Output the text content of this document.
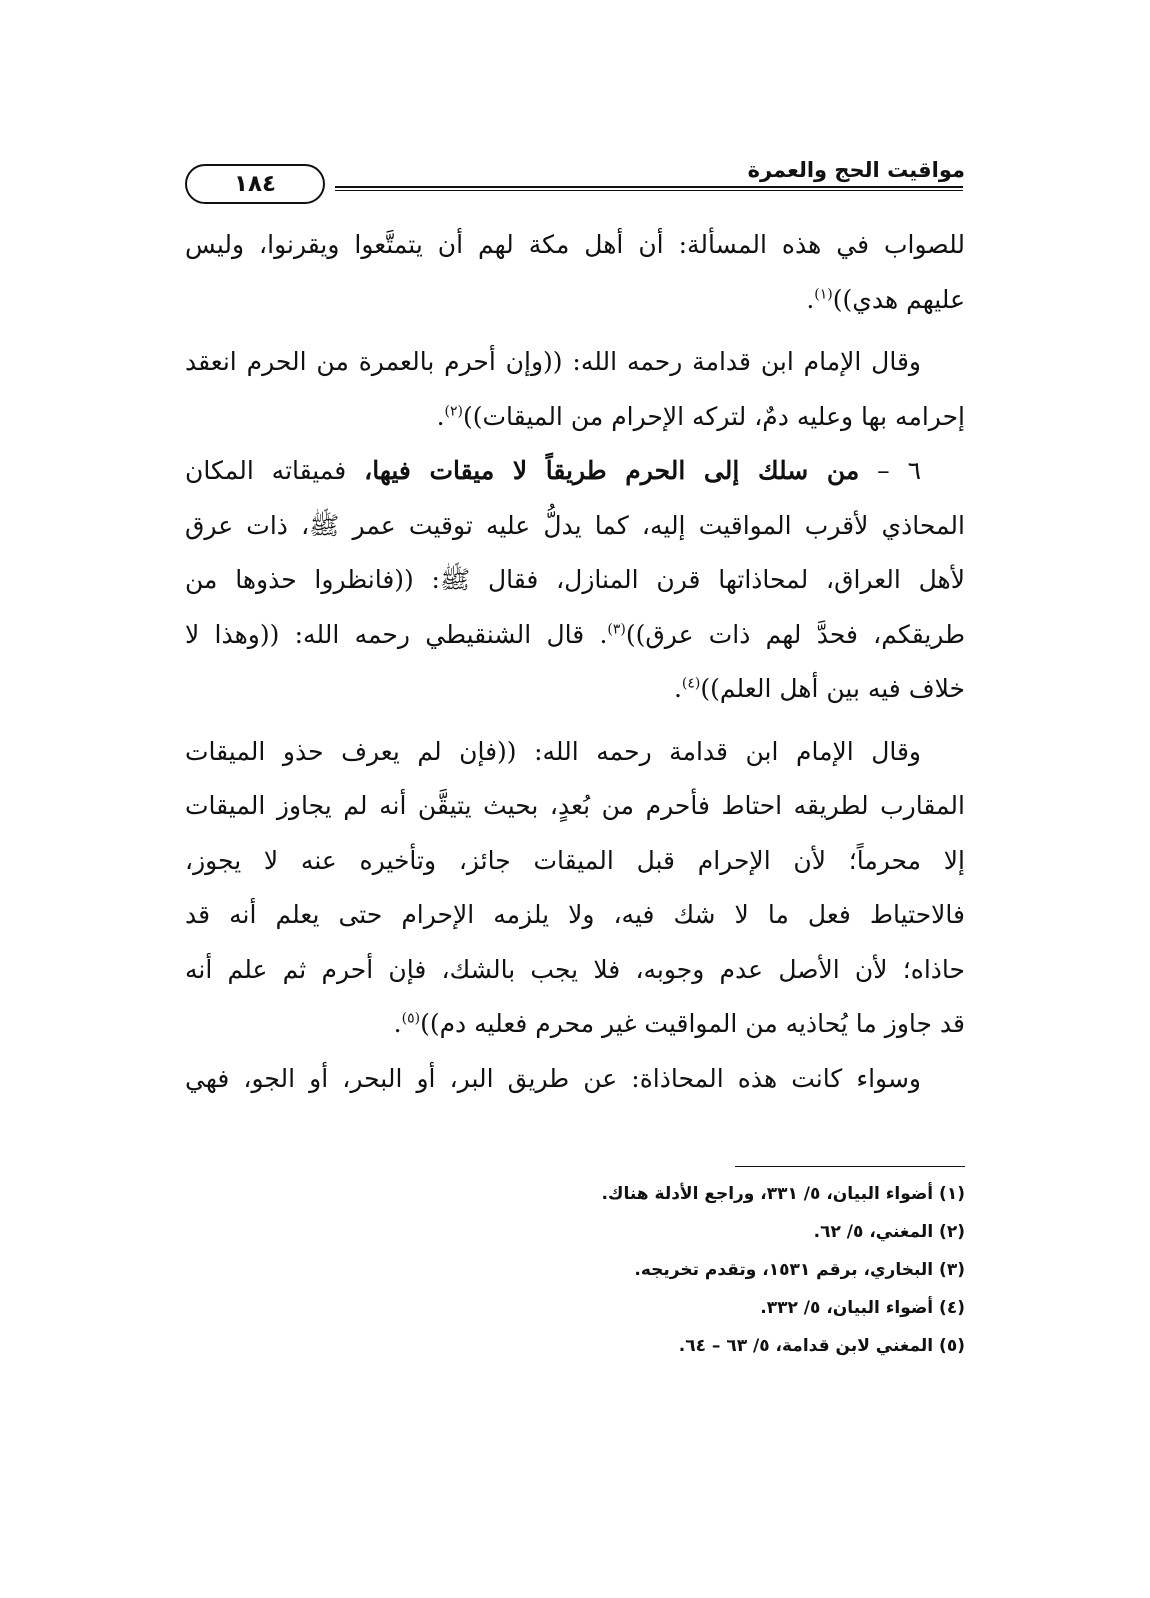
١٨٤
مواقيت الحج والعمرة
للصواب في هذه المسألة: أن أهل مكة لهم أن يتمتَّعوا ويقرنوا، وليس
عليهم هدي))$^{(١)}$.
وقال الإمام ابن قدامة رحمه الله: ((وإن أحرم بالعمرة من الحرم انعقد
إحرامه بها وعليه دمٌ، لتركه الإحرام من الميقات))$^{(٢)}$.
٦ – من سلك إلى الحرم طريقاً لا ميقات فيها، فميقاته المكان
المحاذي لأقرب المواقيت إليه، كما يدلُّ عليه توقيت عمر ﷺ، ذات عرق
لأهل العراق، لمحاذاتها قرن المنازل، فقال ﷺ: ((فانظروا حذوها من
طريقكم، فحدَّ لهم ذات عرق))$^{(٣)}$. قال الشنقيطي رحمه الله: ((وهذا لا
خلاف فيه بين أهل العلم))$^{(٤)}$.
وقال الإمام ابن قدامة رحمه الله: ((فإن لم يعرف حذو الميقات
المقارب لطريقه احتاط فأحرم من بُعدٍ، بحيث يتيقَّن أنه لم يجاوز الميقات
إلا محرماً؛ لأن الإحرام قبل الميقات جائز، وتأخيره عنه لا يجوز،
فالاحتياط فعل ما لا شك فيه، ولا يلزمه الإحرام حتى يعلم أنه قد
حاذاه؛ لأن الأصل عدم وجوبه، فلا يجب بالشك، فإن أحرم ثم علم أنه
قد جاوز ما يُحاذيه من المواقيت غير محرم فعليه دم))$^{(٥)}$.
وسواء كانت هذه المحاذاة: عن طريق البر، أو البحر، أو الجو، فهي
(١) أضواء البيان، ٥/ ٣٣١، وراجع الأدلة هناك.
(٢) المغني، ٥/ ٦٢.
(٣) البخاري، برقم ١٥٣١، وتقدم تخريجه.
(٤) أضواء البيان، ٥/ ٣٣٢.
(٥) المغني لابن قدامة، ٥/ ٦٣ – ٦٤.
